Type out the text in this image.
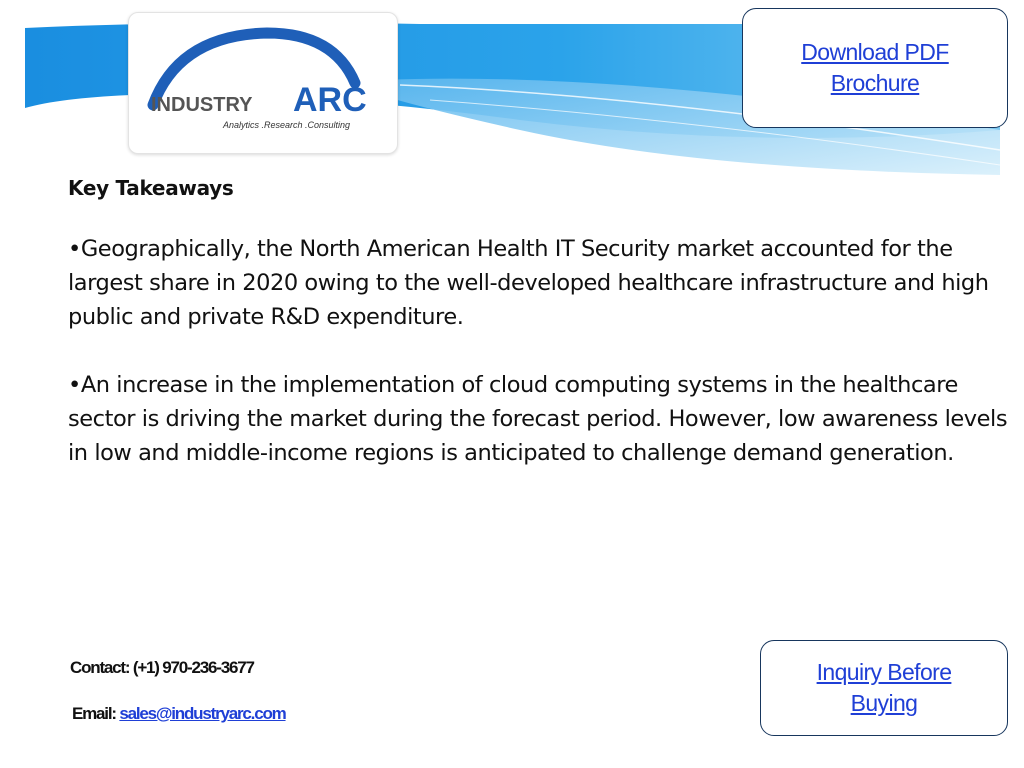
INDUSTRY ARC
Analytics .Research .Consulting
Download PDF
Brochure

Key Takeaways

•Geographically, the North American Health IT Security market accounted for the largest share in 2020 owing to the well-developed healthcare infrastructure and high public and private R&D expenditure.

•An increase in the implementation of cloud computing systems in the healthcare sector is driving the market during the forecast period. However, low awareness levels in low and middle-income regions is anticipated to challenge demand generation.

Contact: (+1) 970-236-3677
Email: sales@industryarc.com
Inquiry Before
Buying
